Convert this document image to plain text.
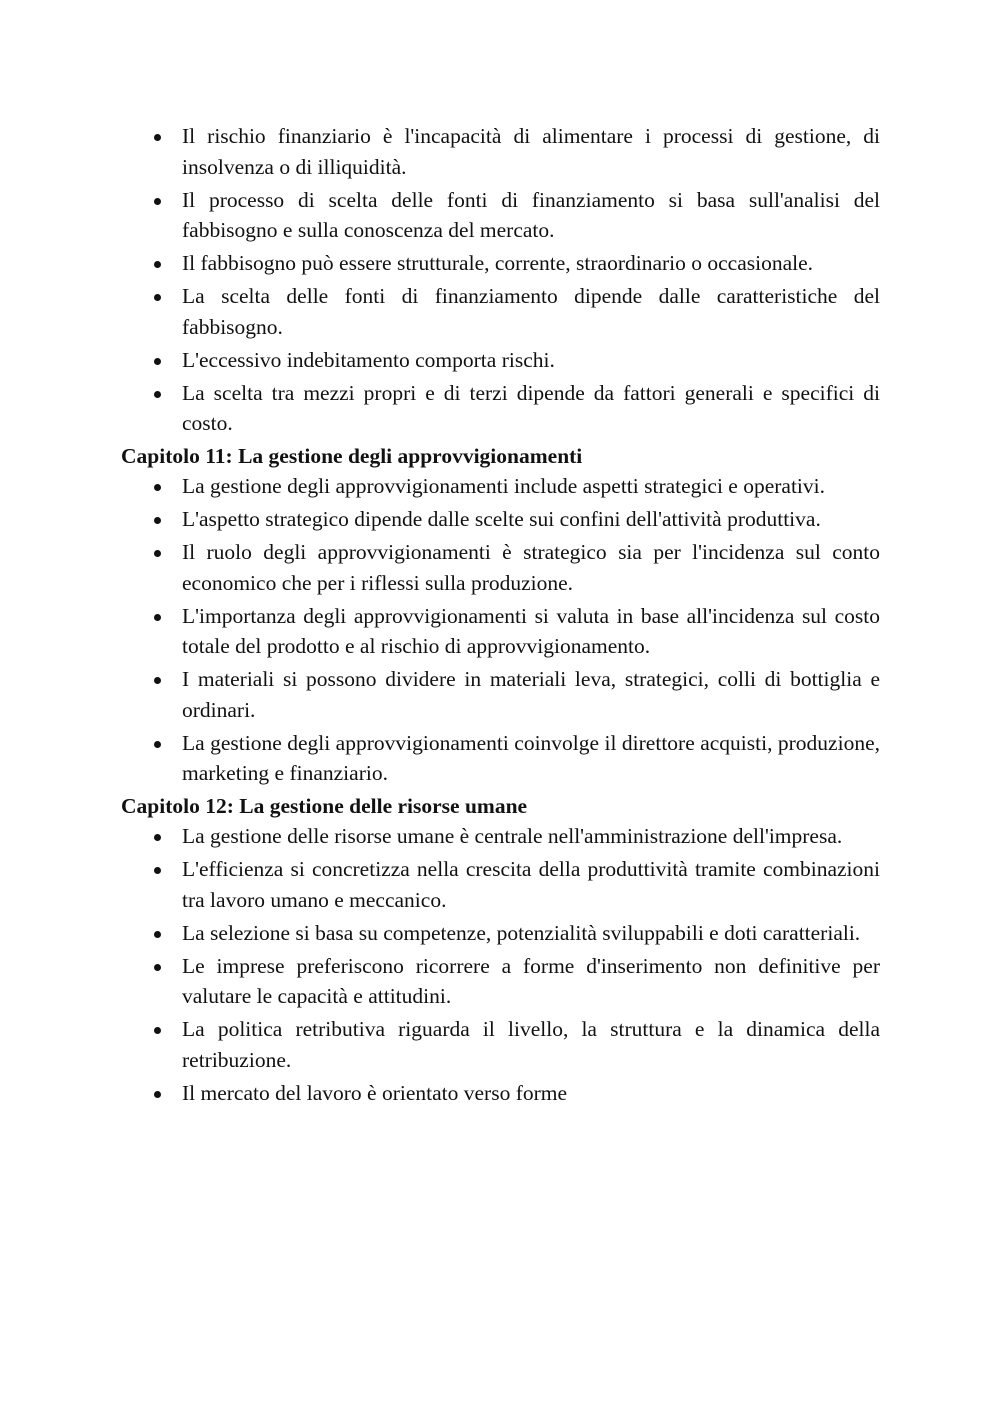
Il rischio finanziario è l'incapacità di alimentare i processi di gestione, di insolvenza o di illiquidità.
Il processo di scelta delle fonti di finanziamento si basa sull'analisi del fabbisogno e sulla conoscenza del mercato.
Il fabbisogno può essere strutturale, corrente, straordinario o occasionale.
La scelta delle fonti di finanziamento dipende dalle caratteristiche del fabbisogno.
L'eccessivo indebitamento comporta rischi.
La scelta tra mezzi propri e di terzi dipende da fattori generali e specifici di costo.
Capitolo 11: La gestione degli approvvigionamenti
La gestione degli approvvigionamenti include aspetti strategici e operativi.
L'aspetto strategico dipende dalle scelte sui confini dell'attività produttiva.
Il ruolo degli approvvigionamenti è strategico sia per l'incidenza sul conto economico che per i riflessi sulla produzione.
L'importanza degli approvvigionamenti si valuta in base all'incidenza sul costo totale del prodotto e al rischio di approvvigionamento.
I materiali si possono dividere in materiali leva, strategici, colli di bottiglia e ordinari.
La gestione degli approvvigionamenti coinvolge il direttore acquisti, produzione, marketing e finanziario.
Capitolo 12: La gestione delle risorse umane
La gestione delle risorse umane è centrale nell'amministrazione dell'impresa.
L'efficienza si concretizza nella crescita della produttività tramite combinazioni tra lavoro umano e meccanico.
La selezione si basa su competenze, potenzialità sviluppabili e doti caratteriali.
Le imprese preferiscono ricorrere a forme d'inserimento non definitive per valutare le capacità e attitudini.
La politica retributiva riguarda il livello, la struttura e la dinamica della retribuzione.
Il mercato del lavoro è orientato verso forme
